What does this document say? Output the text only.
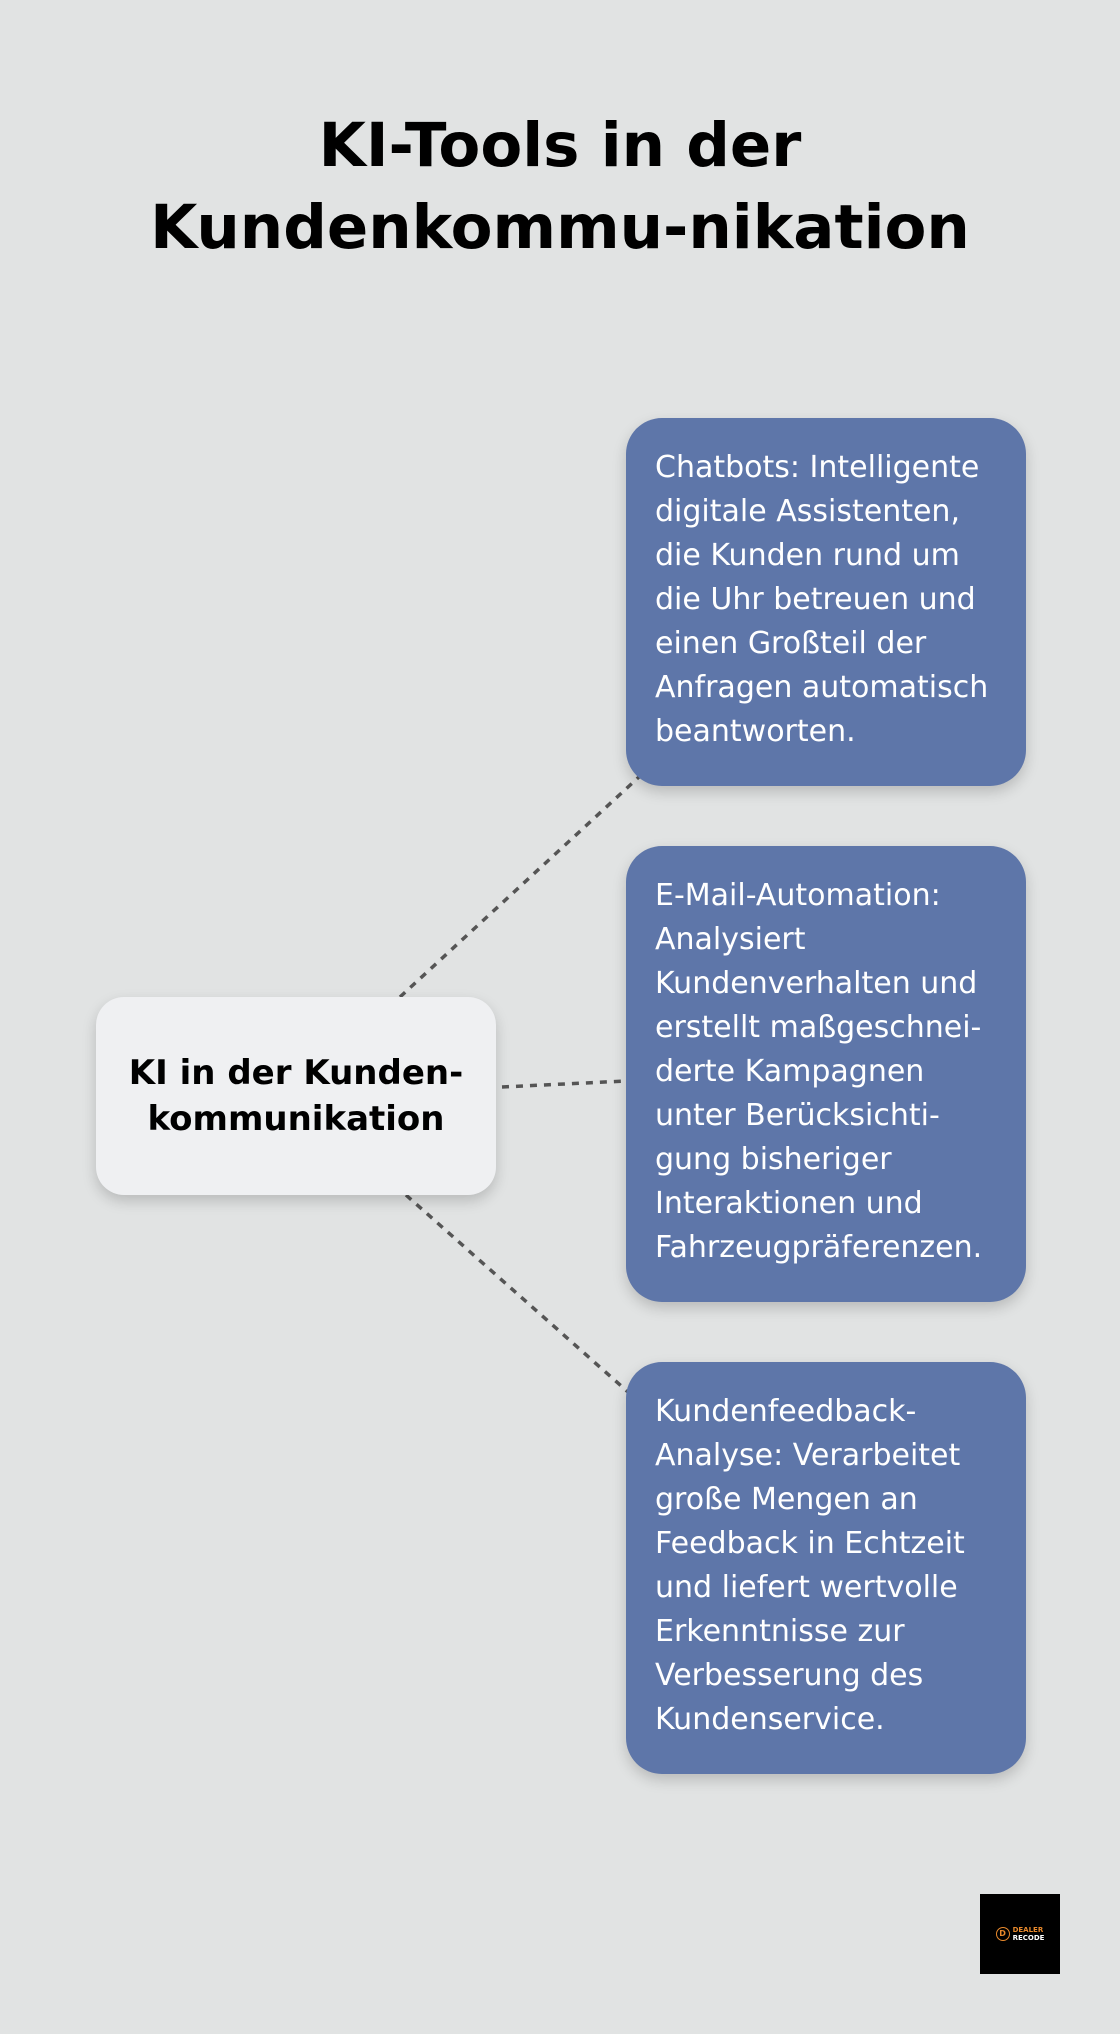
KI-Tools in der Kundenkommu-nikation
KI in der Kunden-kommunikation
Chatbots: Intelligente digitale Assistenten, die Kunden rund um die Uhr betreuen und einen Großteil der Anfragen automatisch beantworten.
E-Mail-Automation: Analysiert Kundenverhalten und erstellt maßgeschnei-derte Kampagnen unter Berücksichti-gung bisheriger Interaktionen und Fahrzeugpräferenzen.
Kundenfeedback-Analyse: Verarbeitet große Mengen an Feedback in Echtzeit und liefert wertvolle Erkenntnisse zur Verbesserung des Kundenservice.
D DEALER
RECODE
